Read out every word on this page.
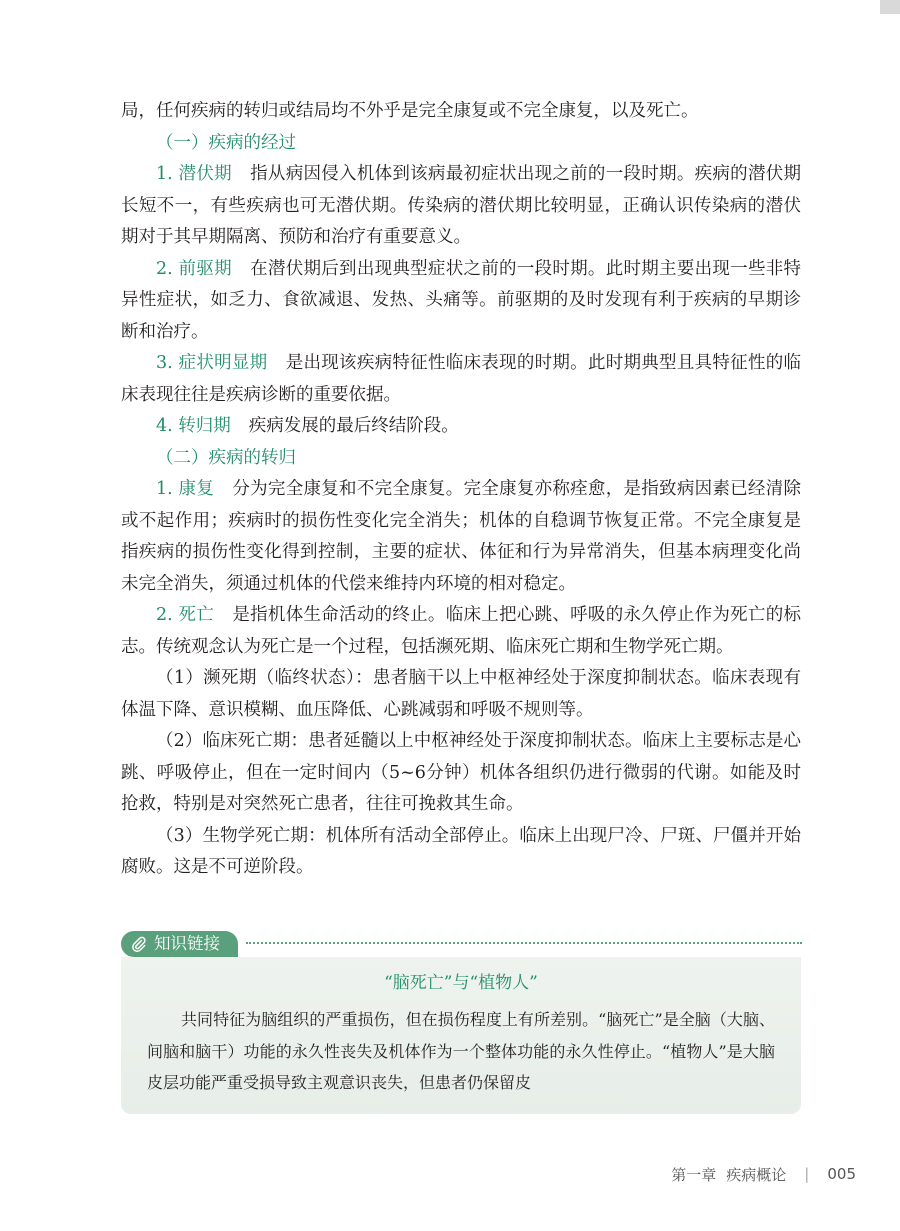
局，任何疾病的转归或结局均不外乎是完全康复或不完全康复，以及死亡。

（一）疾病的经过

1. 潜伏期 指从病因侵入机体到该病最初症状出现之前的一段时期。疾病的潜伏期长短不一，有些疾病也可无潜伏期。传染病的潜伏期比较明显，正确认识传染病的潜伏期对于其早期隔离、预防和治疗有重要意义。

2. 前驱期 在潜伏期后到出现典型症状之前的一段时期。此时期主要出现一些非特异性症状，如乏力、食欲减退、发热、头痛等。前驱期的及时发现有利于疾病的早期诊断和治疗。

3. 症状明显期 是出现该疾病特征性临床表现的时期。此时期典型且具特征性的临床表现往往是疾病诊断的重要依据。

4. 转归期 疾病发展的最后终结阶段。

（二）疾病的转归

1. 康复 分为完全康复和不完全康复。完全康复亦称痊愈，是指致病因素已经清除或不起作用；疾病时的损伤性变化完全消失；机体的自稳调节恢复正常。不完全康复是指疾病的损伤性变化得到控制，主要的症状、体征和行为异常消失，但基本病理变化尚未完全消失，须通过机体的代偿来维持内环境的相对稳定。

2. 死亡 是指机体生命活动的终止。临床上把心跳、呼吸的永久停止作为死亡的标志。传统观念认为死亡是一个过程，包括濒死期、临床死亡期和生物学死亡期。

（1）濒死期（临终状态）：患者脑干以上中枢神经处于深度抑制状态。临床表现有体温下降、意识模糊、血压降低、心跳减弱和呼吸不规则等。

（2）临床死亡期：患者延髓以上中枢神经处于深度抑制状态。临床上主要标志是心跳、呼吸停止，但在一定时间内（5~6分钟）机体各组织仍进行微弱的代谢。如能及时抢救，特别是对突然死亡患者，往往可挽救其生命。

（3）生物学死亡期：机体所有活动全部停止。临床上出现尸冷、尸斑、尸僵并开始腐败。这是不可逆阶段。

知识链接

“脑死亡”与“植物人”

共同特征为脑组织的严重损伤，但在损伤程度上有所差别。“脑死亡”是全脑（大脑、间脑和脑干）功能的永久性丧失及机体作为一个整体功能的永久性停止。“植物人”是大脑皮层功能严重受损导致主观意识丧失，但患者仍保留皮

第一章 疾病概论	|	005
